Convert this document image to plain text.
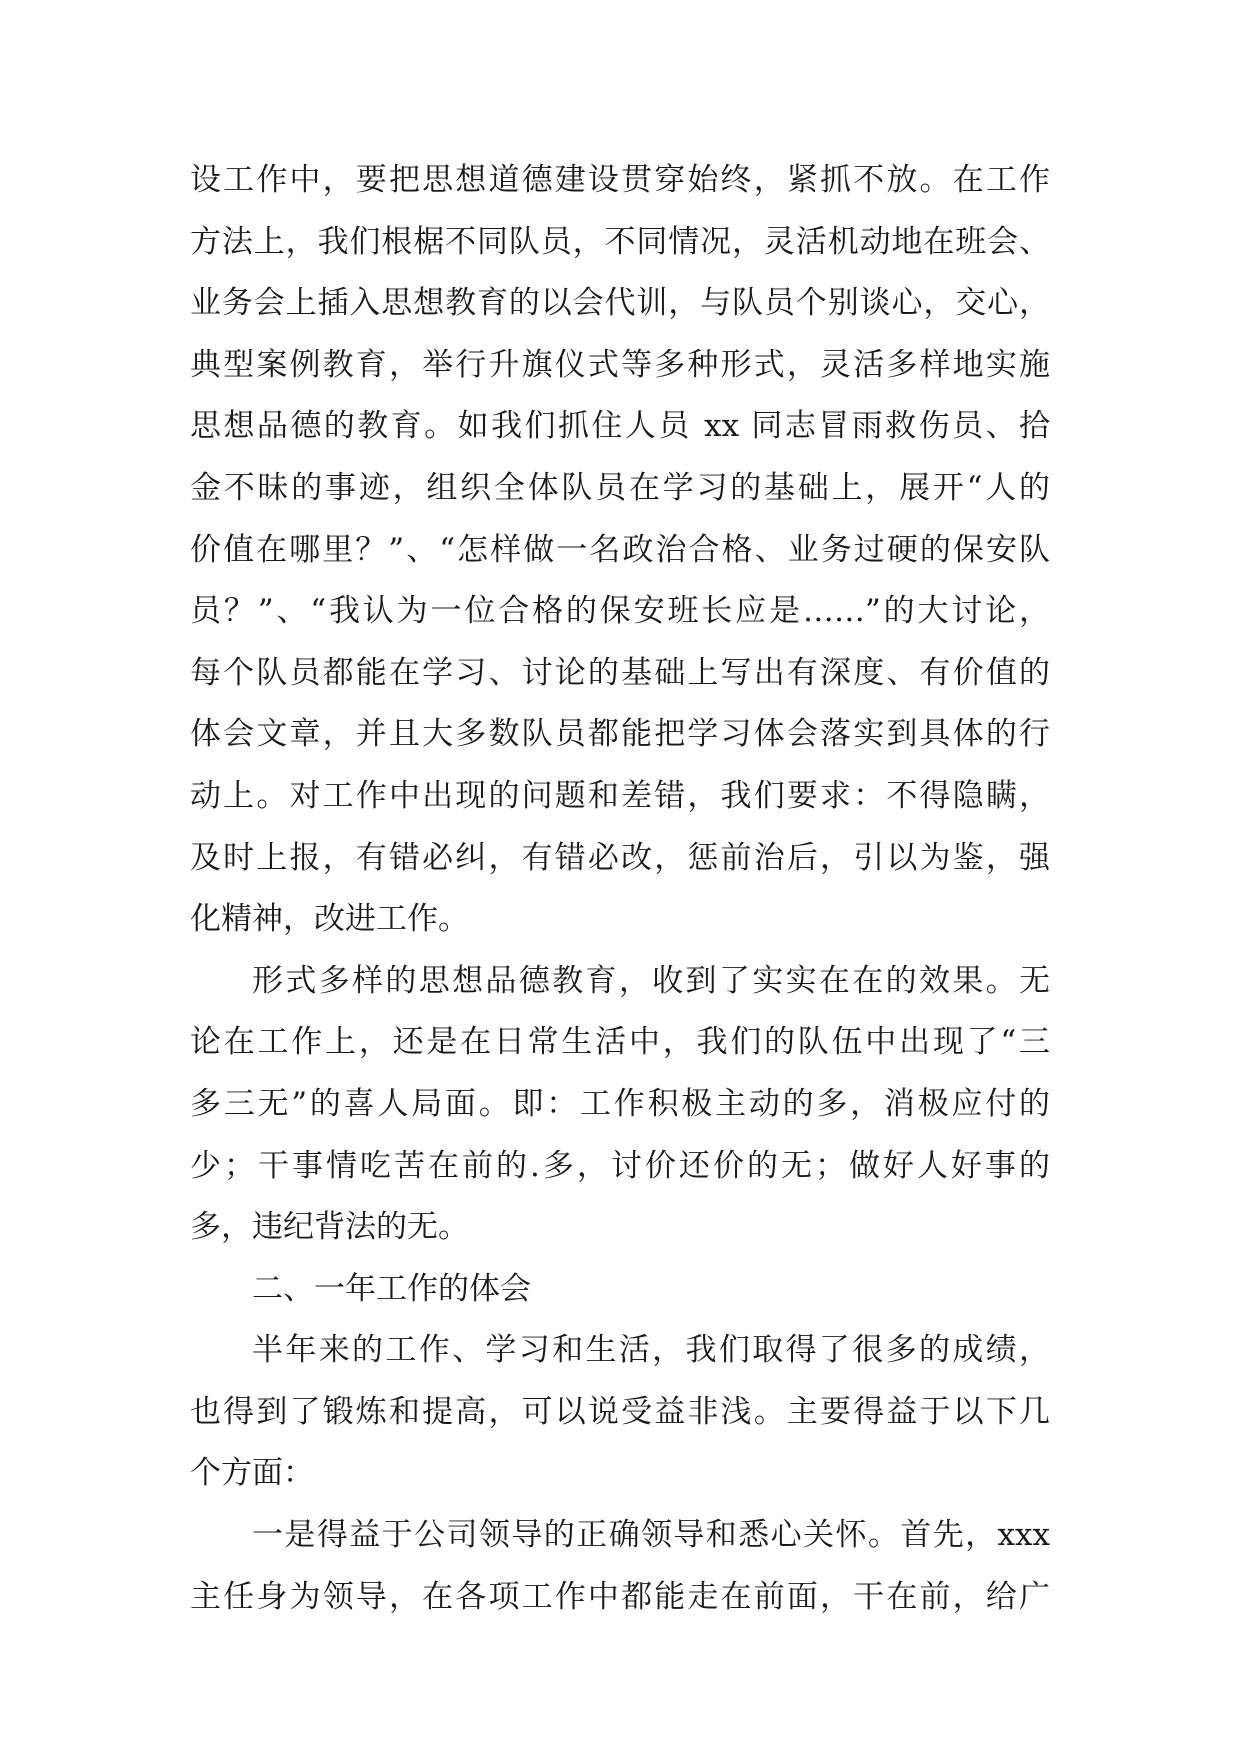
设工作中，要把思想道德建设贯穿始终，紧抓不放。在工作
方法上，我们根椐不同队员，不同情况，灵活机动地在班会、
业务会上插入思想教育的以会代训，与队员个别谈心，交心，
典型案例教育，举行升旗仪式等多种形式，灵活多样地实施
思想品德的教育。如我们抓住人员 xx 同志冒雨救伤员、拾
金不昧的事迹，组织全体队员在学习的基础上，展开“人的
价值在哪里？”、“怎样做一名政治合格、业务过硬的保安队
员？”、“我认为一位合格的保安班长应是……”的大讨论，
每个队员都能在学习、讨论的基础上写出有深度、有价值的
体会文章，并且大多数队员都能把学习体会落实到具体的行
动上。对工作中出现的问题和差错，我们要求：不得隐瞒，
及时上报，有错必纠，有错必改，惩前治后，引以为鉴，强
化精神，改进工作。
形式多样的思想品德教育，收到了实实在在的效果。无
论在工作上，还是在日常生活中，我们的队伍中出现了“三
多三无”的喜人局面。即：工作积极主动的多，消极应付的
少；干事情吃苦在前的.多，讨价还价的无；做好人好事的
多，违纪背法的无。
二、一年工作的体会
半年来的工作、学习和生活，我们取得了很多的成绩，
也得到了锻炼和提高，可以说受益非浅。主要得益于以下几
个方面：
一是得益于公司领导的正确领导和悉心关怀。首先，xxx
主任身为领导，在各项工作中都能走在前面，干在前，给广
